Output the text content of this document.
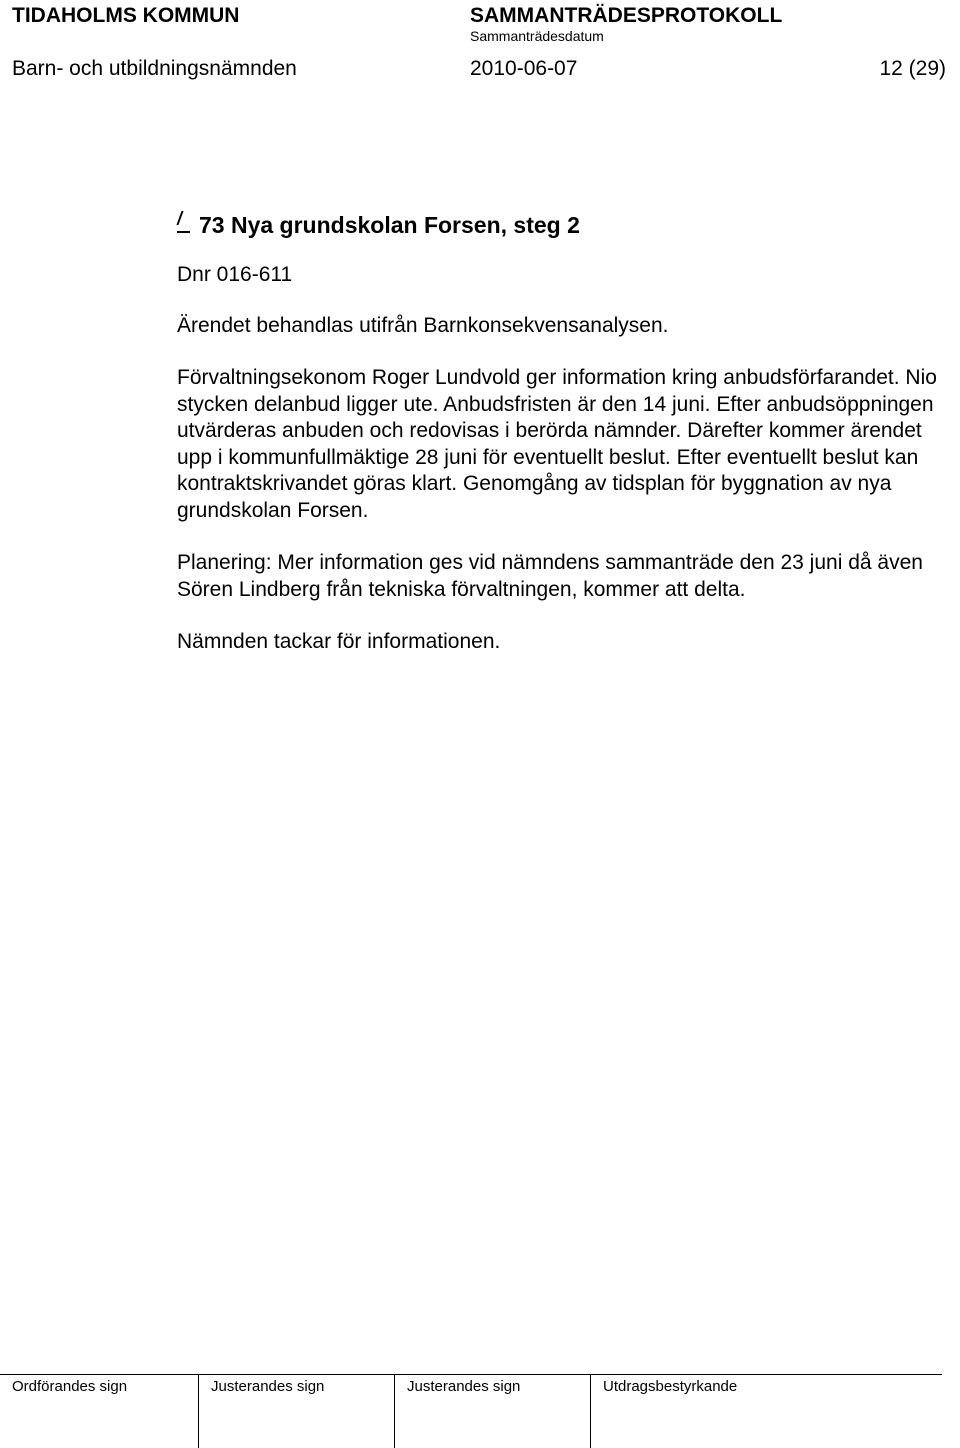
TIDAHOLMS KOMMUN	SAMMANTRÄDESPROTOKOLL
Sammanträdesdatum
Barn- och utbildningsnämnden	2010-06-07	12 (29)
73 Nya grundskolan Forsen, steg 2

Dnr 016-611

Ärendet behandlas utifrån Barnkonsekvensanalysen.

Förvaltningsekonom Roger Lundvold ger information kring anbudsförfarandet. Nio stycken delanbud ligger ute. Anbudsfristen är den 14 juni. Efter anbudsöppningen utvärderas anbuden och redovisas i berörda nämnder. Därefter kommer ärendet upp i kommunfullmäktige 28 juni för eventuellt beslut. Efter eventuellt beslut kan kontraktskrivandet göras klart. Genomgång av tidsplan för byggnation av nya grundskolan Forsen.

Planering: Mer information ges vid nämndens sammanträde den 23 juni då även Sören Lindberg från tekniska förvaltningen, kommer att delta.

Nämnden tackar för informationen.

Ordförandes sign	Justerandes sign	Justerandes sign	Utdragsbestyrkande
